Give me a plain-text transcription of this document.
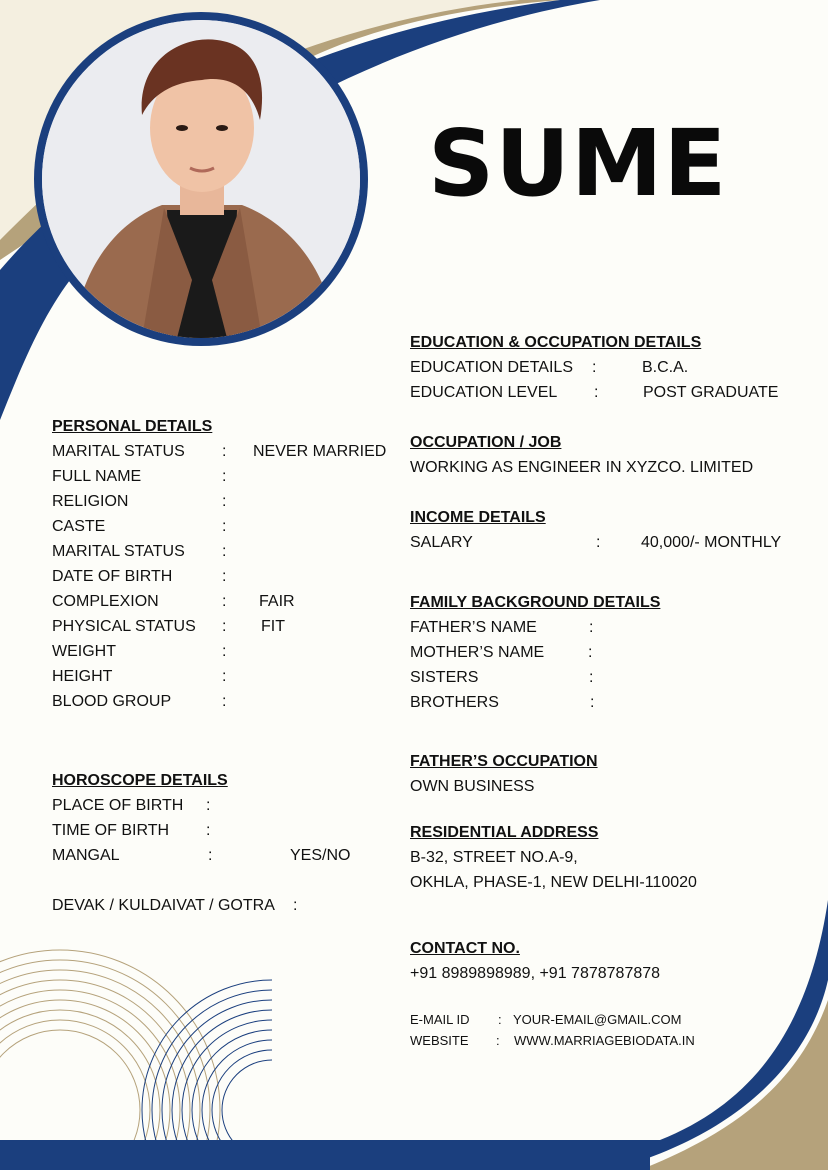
SUME
PERSONAL DETAILS
MARITAL STATUS : NEVER MARRIED
FULL NAME	:
RELIGION	:
CASTE	:
MARITAL STATUS :
DATE OF BIRTH	:
COMPLEXION	: FAIR
PHYSICAL STATUS : FIT
WEIGHT	:
HEIGHT	:
BLOOD GROUP	:
HOROSCOPE DETAILS
PLACE OF BIRTH :
TIME OF BIRTH :
MANGAL	:	YES/NO
DEVAK / KULDAIVAT / GOTRA :
EDUCATION & OCCUPATION DETAILS
EDUCATION DETAILS :	B.C.A.
EDUCATION LEVEL :	POST GRADUATE
OCCUPATION / JOB
WORKING AS ENGINEER IN XYZCO. LIMITED
INCOME DETAILS
SALARY	:	40,000/- MONTHLY
FAMILY BACKGROUND DETAILS
FATHER’S NAME	:
MOTHER’S NAME	:
SISTERS	:
BROTHERS	:
FATHER’S OCCUPATION
OWN BUSINESS
RESIDENTIAL ADDRESS
B-32, STREET NO.A-9,
OKHLA, PHASE-1, NEW DELHI-110020
CONTACT NO.
+91 8989898989, +91 7878787878
E-MAIL ID : YOUR-EMAIL@GMAIL.COM
WEBSITE : WWW.MARRIAGEBIODATA.IN
